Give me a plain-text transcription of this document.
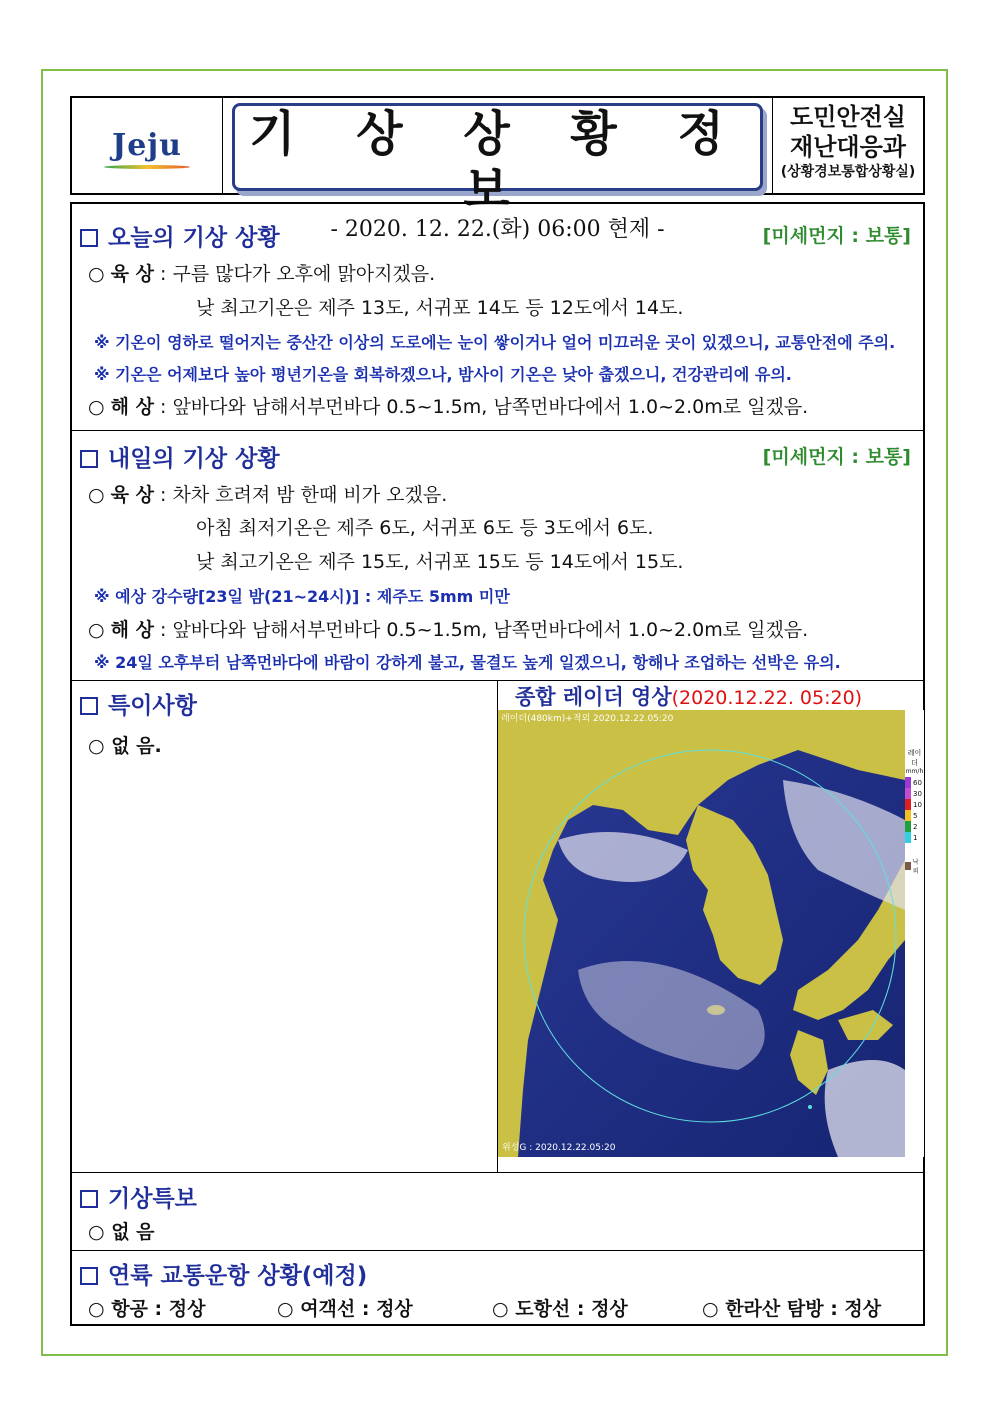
Jeju 기 상 상 황 정 보
- 2020. 12. 22.(화) 06:00 현제 -
도민안전실
재난대응과
(상황경보통합상황실)
오늘의 기상 상황	[미세먼지 : 보통]
○ 육 상 : 구름 많다가 오후에 맑아지겠음.
낮 최고기온은 제주 13도, 서귀포 14도 등 12도에서 14도.
※ 기온이 영하로 떨어지는 중산간 이상의 도로에는 눈이 쌓이거나 얼어 미끄러운 곳이 있겠으니, 교통안전에 주의.
※ 기온은 어제보다 높아 평년기온을 회복하겠으나, 밤사이 기온은 낮아 춥겠으니, 건강관리에 유의.
○ 해 상 : 앞바다와 남해서부먼바다 0.5~1.5m, 남쪽먼바다에서 1.0~2.0m로 일겠음.
내일의 기상 상황	[미세먼지 : 보통]
○ 육 상 : 차차 흐려져 밤 한때 비가 오겠음.
아침 최저기온은 제주 6도, 서귀포 6도 등 3도에서 6도.
낮 최고기온은 제주 15도, 서귀포 15도 등 14도에서 15도.
※ 예상 강수량[23일 밤(21~24시)] : 제주도 5mm 미만
○ 해 상 : 앞바다와 남해서부먼바다 0.5~1.5m, 남쪽먼바다에서 1.0~2.0m로 일겠음.
※ 24일 오후부터 남쪽먼바다에 바람이 강하게 불고, 물결도 높게 일겠으니, 항해나 조업하는 선박은 유의.
특이사항
○ 없 음.
종합 레이더 영상(2020.12.22. 05:20)
레이더(480km)+적외 2020.12.22.05:20
위성G : 2020.12.22.05:20
레이더
mm/h
60
30
10
5
2
1
낙뢰
기상특보
○ 없 음
연륙 교통운항 상황(예정)
○ 항공 : 정상	○ 여객선 : 정상	○ 도항선 : 정상	○ 한라산 탐방 : 정상
